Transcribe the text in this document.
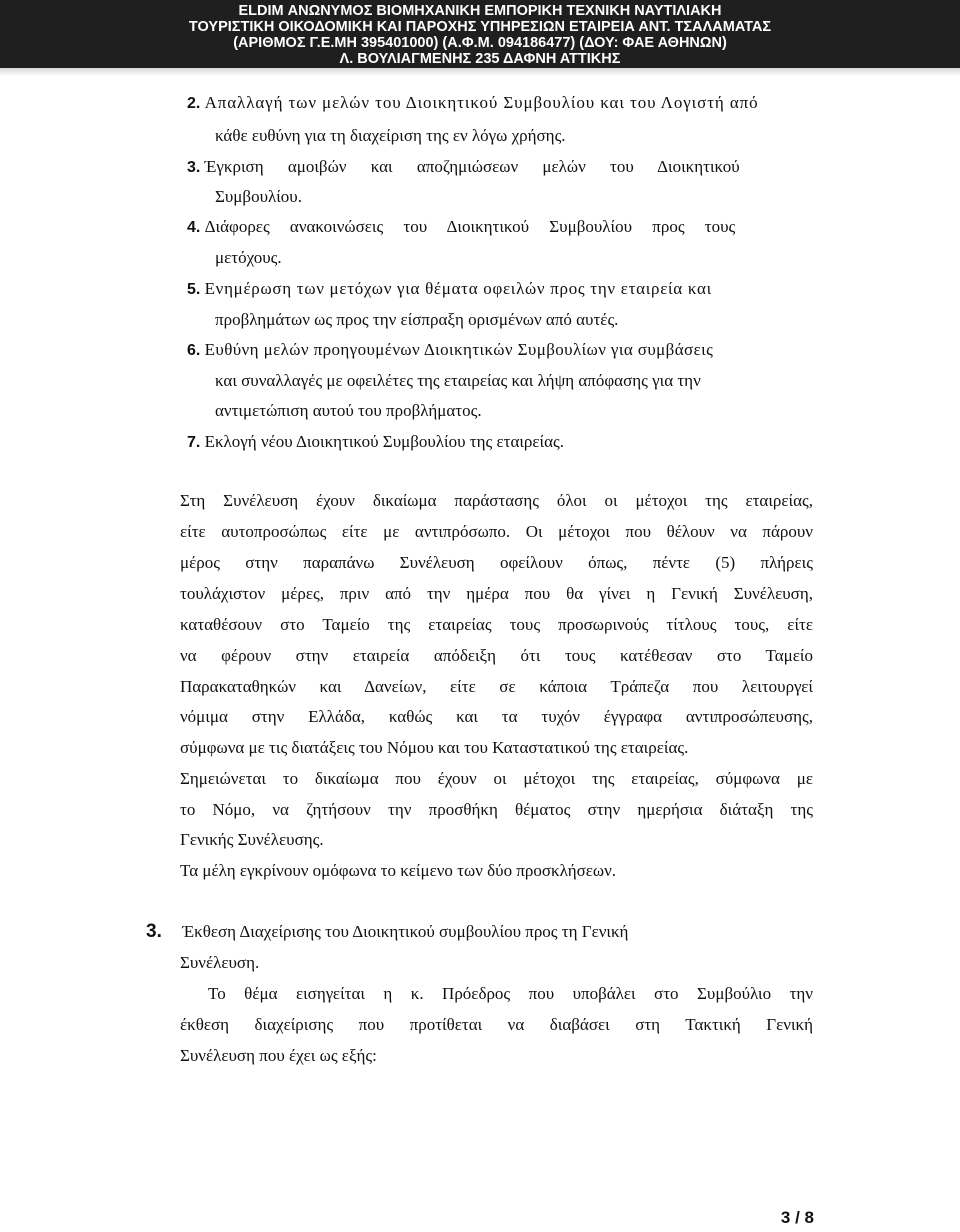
ELDIM ΑΝΩΝΥΜΟΣ ΒΙΟΜΗΧΑΝΙΚΗ ΕΜΠΟΡΙΚΗ ΤΕΧΝΙΚΗ ΝΑΥΤΙΛΙΑΚΗ
ΤΟΥΡΙΣΤΙΚΗ ΟΙΚΟΔΟΜΙΚΗ ΚΑΙ ΠΑΡΟΧΗΣ ΥΠΗΡΕΣΙΩΝ ΕΤΑΙΡΕΙΑ ΑΝΤ. ΤΣΑΛΑΜΑΤΑΣ
(ΑΡΙΘΜΟΣ Γ.Ε.ΜΗ 395401000) (Α.Φ.Μ. 094186477) (ΔΟΥ: ΦΑΕ ΑΘΗΝΩΝ)
Λ. ΒΟΥΛΙΑΓΜΕΝΗΣ 235 ΔΑΦΝΗ ΑΤΤΙΚΗΣ
2. Απαλλαγή των μελών του Διοικητικού Συμβουλίου και του Λογιστή από
κάθε ευθύνη για τη διαχείριση της εν λόγω χρήσης.
3. Έγκριση αμοιβών και αποζημιώσεων μελών του Διοικητικού
Συμβουλίου.
4. Διάφορες ανακοινώσεις του Διοικητικού Συμβουλίου προς τους
μετόχους.
5. Ενημέρωση των μετόχων για θέματα οφειλών προς την εταιρεία και
προβλημάτων ως προς την είσπραξη ορισμένων από αυτές.
6. Ευθύνη μελών προηγουμένων Διοικητικών Συμβουλίων για συμβάσεις
και συναλλαγές με οφειλέτες της εταιρείας και λήψη απόφασης για την
αντιμετώπιση αυτού του προβλήματος.
7. Εκλογή νέου Διοικητικού Συμβουλίου της εταιρείας.
Στη Συνέλευση έχουν δικαίωμα παράστασης όλοι οι μέτοχοι της εταιρείας,
είτε αυτοπροσώπως είτε με αντιπρόσωπο. Οι μέτοχοι που θέλουν να πάρουν
μέρος στην παραπάνω Συνέλευση οφείλουν όπως, πέντε (5) πλήρεις
τουλάχιστον μέρες, πριν από την ημέρα που θα γίνει η Γενική Συνέλευση,
καταθέσουν στο Ταμείο της εταιρείας τους προσωρινούς τίτλους τους, είτε
να φέρουν στην εταιρεία απόδειξη ότι τους κατέθεσαν στο Ταμείο
Παρακαταθηκών και Δανείων, είτε σε κάποια Τράπεζα που λειτουργεί
νόμιμα στην Ελλάδα, καθώς και τα τυχόν έγγραφα αντιπροσώπευσης,
σύμφωνα με τις διατάξεις του Νόμου και του Καταστατικού της εταιρείας.
Σημειώνεται το δικαίωμα που έχουν οι μέτοχοι της εταιρείας, σύμφωνα με
το Νόμο, να ζητήσουν την προσθήκη θέματος στην ημερήσια διάταξη της
Γενικής Συνέλευσης.
Τα μέλη εγκρίνουν ομόφωνα το κείμενο των δύο προσκλήσεων.
3. Έκθεση Διαχείρισης του Διοικητικού συμβουλίου προς τη Γενική
Συνέλευση.
Το θέμα εισηγείται η κ. Πρόεδρος που υποβάλει στο Συμβούλιο την
έκθεση διαχείρισης που προτίθεται να διαβάσει στη Τακτική Γενική
Συνέλευση που έχει ως εξής:
3 / 8
